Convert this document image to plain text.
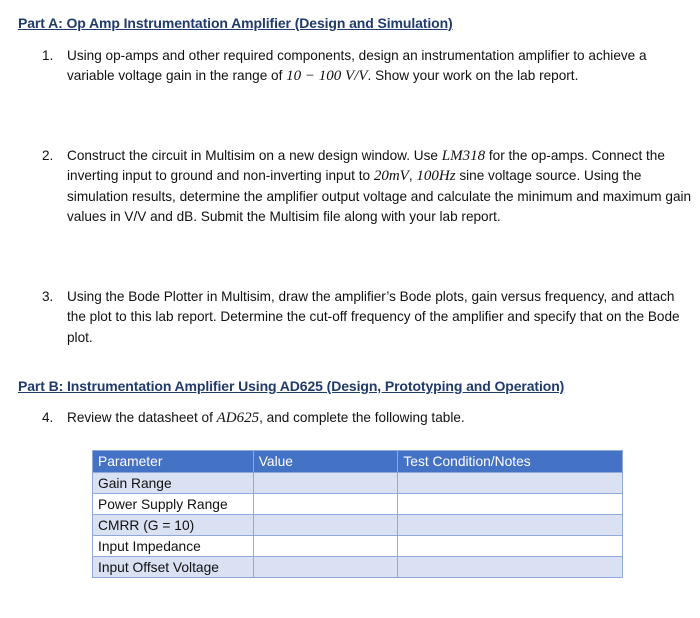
Part A: Op Amp Instrumentation Amplifier (Design and Simulation)
1.	Using op-amps and other required components, design an instrumentation amplifier to achieve a variable voltage gain in the range of 10 − 100 V/V. Show your work on the lab report.
2.	Construct the circuit in Multisim on a new design window. Use LM318 for the op-amps. Connect the inverting input to ground and non-inverting input to 20mV, 100Hz sine voltage source. Using the simulation results, determine the amplifier output voltage and calculate the minimum and maximum gain values in V/V and dB. Submit the Multisim file along with your lab report.
3.	Using the Bode Plotter in Multisim, draw the amplifier’s Bode plots, gain versus frequency, and attach the plot to this lab report. Determine the cut-off frequency of the amplifier and specify that on the Bode plot.
Part B: Instrumentation Amplifier Using AD625 (Design, Prototyping and Operation)
4.	Review the datasheet of AD625, and complete the following table.
Parameter	Value	Test Condition/Notes
Gain Range		
Power Supply Range		
CMRR (G = 10)		
Input Impedance		
Input Offset Voltage		
